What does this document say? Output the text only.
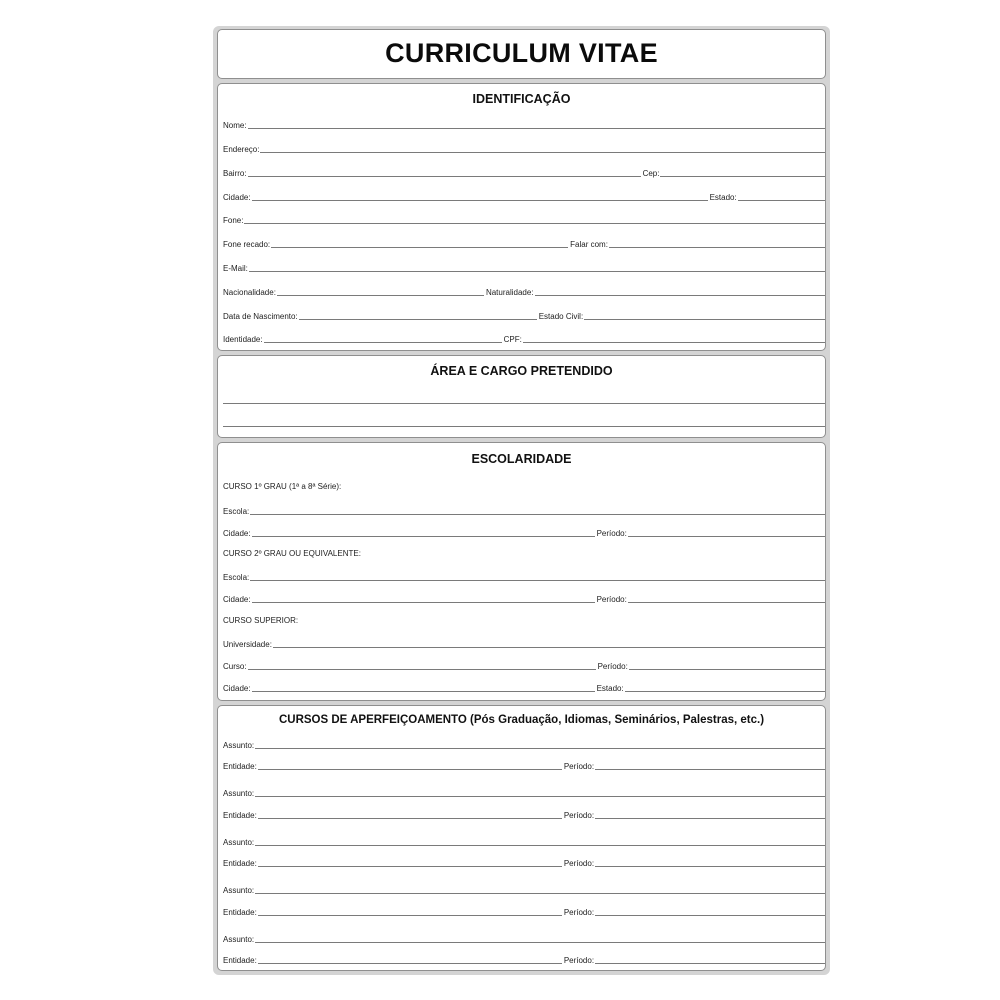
CURRICULUM VITAE
IDENTIFICAÇÃO
Nome:
Endereço:
Bairro:	Cep:
Cidade:	Estado:
Fone:
Fone recado:	Falar com:
E-Mail:
Nacionalidade:	Naturalidade:
Data de Nascimento:	Estado Civil:
Identidade:	CPF:
ÁREA E CARGO PRETENDIDO
ESCOLARIDADE
CURSO 1º GRAU (1ª a 8ª Série):
Escola:
Cidade:	Período:
CURSO 2º GRAU OU EQUIVALENTE:
Escola:
Cidade:	Período:
CURSO SUPERIOR:
Universidade:
Curso:	Período:
Cidade:	Estado:
CURSOS DE APERFEIÇOAMENTO (Pós Graduação, Idiomas, Seminários, Palestras, etc.)
Assunto:
Entidade:	Período:
Assunto:
Entidade:	Período:
Assunto:
Entidade:	Período:
Assunto:
Entidade:	Período:
Assunto:
Entidade:	Período:
